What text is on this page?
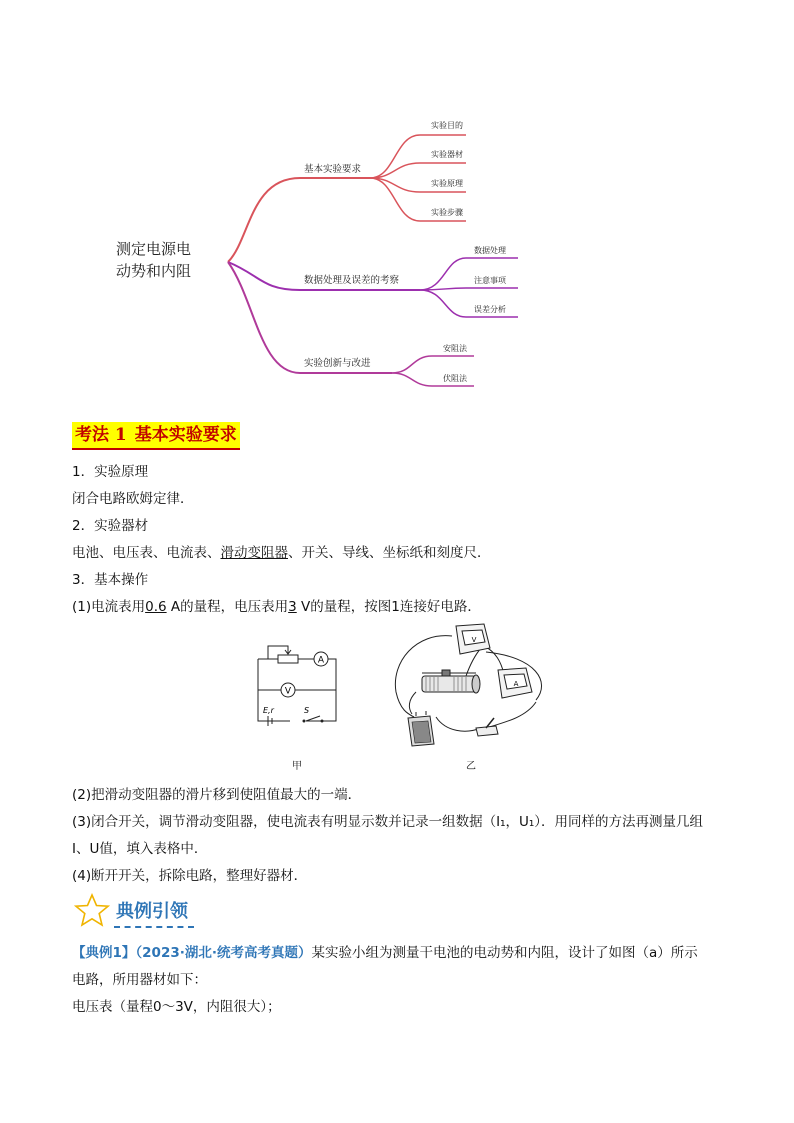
测定电源电
动势和内阻
基本实验要求
实验目的
实验器材
实验原理
实验步骤
数据处理及误差的考察
数据处理
注意事项
误差分析
实验创新与改进
安阻法
伏阻法
考法 1 基本实验要求
1．实验原理
闭合电路欧姆定律．
2．实验器材
电池、电压表、电流表、滑动变阻器、开关、导线、坐标纸和刻度尺．
3．基本操作
(1)电流表用0.6 A的量程，电压表用3 V的量程，按图1连接好电路．
A
V
E,r	S
甲
V
A
乙
(2)把滑动变阻器的滑片移到使阻值最大的一端．
(3)闭合开关，调节滑动变阻器，使电流表有明显示数并记录一组数据（I₁，U₁）．用同样的方法再测量几组
I、U值，填入表格中．
(4)断开开关，拆除电路，整理好器材．
典例引领
【典例1】（2023·湖北·统考高考真题）某实验小组为测量干电池的电动势和内阻，设计了如图（a）所示
电路，所用器材如下：
电压表（量程0～3V，内阻很大）；
